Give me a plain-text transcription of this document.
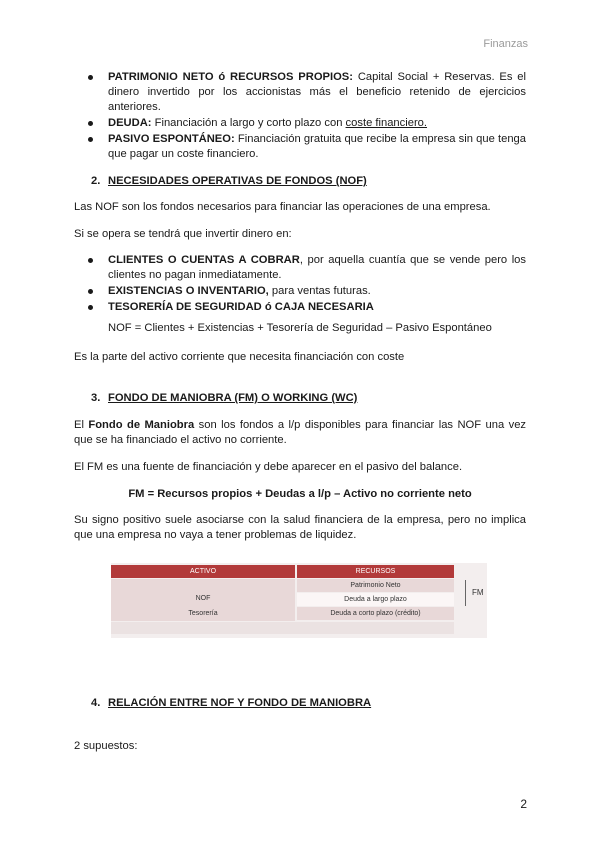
Finanzas
PATRIMONIO NETO ó RECURSOS PROPIOS: Capital Social + Reservas. Es el dinero invertido por los accionistas más el beneficio retenido de ejercicios anteriores.
DEUDA: Financiación a largo y corto plazo con coste financiero.
PASIVO ESPONTÁNEO: Financiación gratuita que recibe la empresa sin que tenga que pagar un coste financiero.
2. NECESIDADES OPERATIVAS DE FONDOS (NOF)
Las NOF son los fondos necesarios para financiar las operaciones de una empresa.
Si se opera se tendrá que invertir dinero en:
CLIENTES O CUENTAS A COBRAR, por aquella cuantía que se vende pero los clientes no pagan inmediatamente.
EXISTENCIAS O INVENTARIO, para ventas futuras.
TESORERÍA DE SEGURIDAD ó CAJA NECESARIA
NOF = Clientes + Existencias + Tesorería de Seguridad – Pasivo Espontáneo
Es la parte del activo corriente que necesita financiación con coste
3. FONDO DE MANIOBRA (FM) O WORKING (WC)
El Fondo de Maniobra son los fondos a l/p disponibles para financiar las NOF una vez que se ha financiado el activo no corriente.
El FM es una fuente de financiación y debe aparecer en el pasivo del balance.
FM = Recursos propios + Deudas a l/p – Activo no corriente neto
Su signo positivo suele asociarse con la salud financiera de la empresa, pero no implica que una empresa no vaya a tener problemas de liquidez.
ACTIVO	RECURSOS
NOF
Patrimonio Neto
Deuda a largo plazo
Tesorería	Deuda a corto plazo (crédito)
FM
4. RELACIÓN ENTRE NOF Y FONDO DE MANIOBRA
2 supuestos:
2
